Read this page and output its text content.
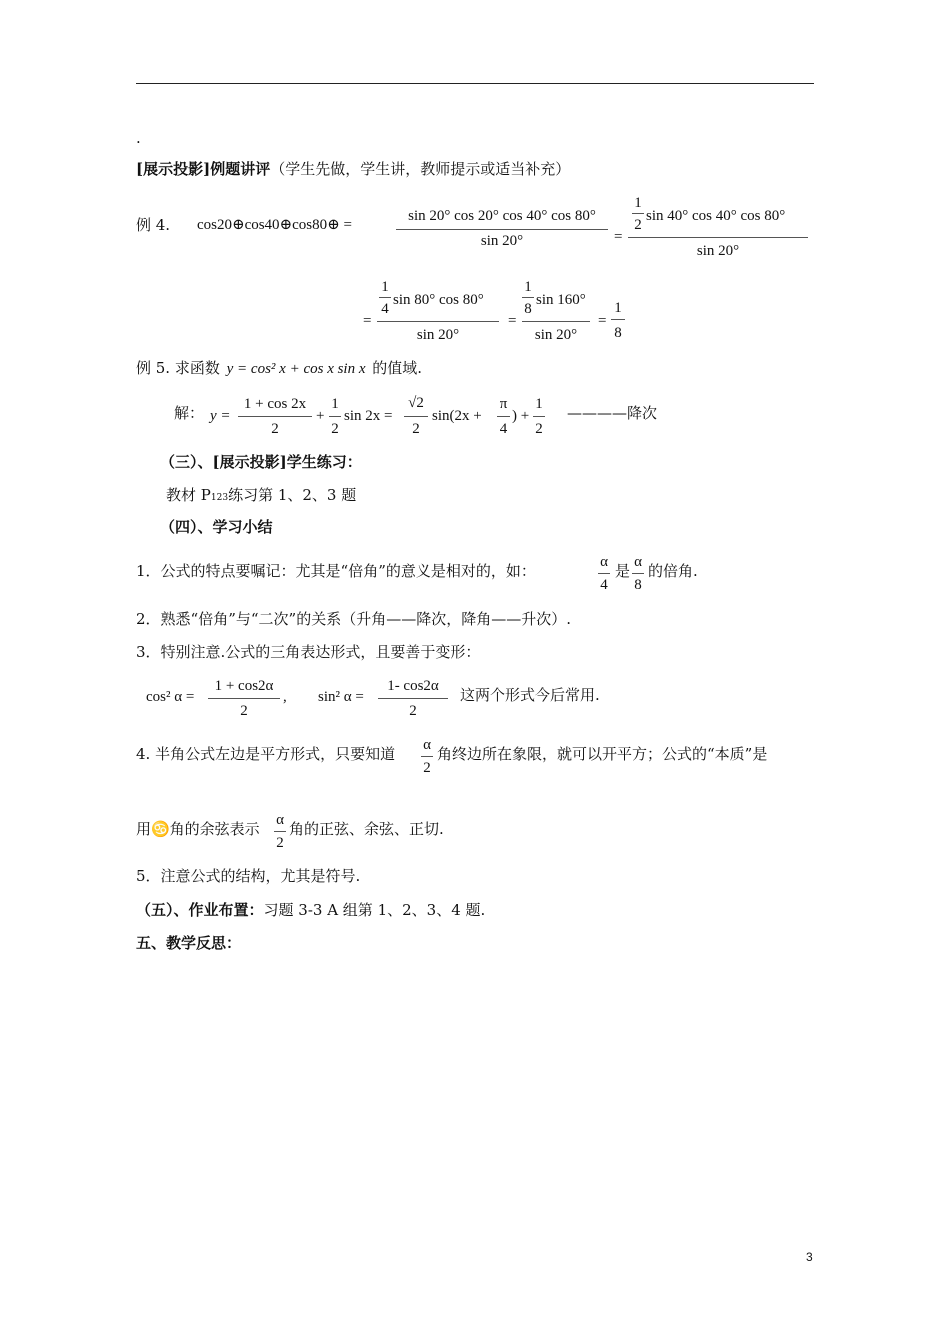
.
[展示投影]例题讲评（学生先做，学生讲，教师提示或适当补充）
例 4. cos20⊕cos40⊕cos80⊕ =
sin 20° cos 20° cos 40° cos 80°
sin 20°	=
1
2
sin 40° cos 40° cos 80°
sin 20°
=
1
4
sin 80° cos 80°
sin 20°
=
1
8
sin 160°
sin 20°
=
1
8
例 5. 求函数 y = cos² x + cos x sin x 的值域.
解： y =
1 + cos 2x
2
+
1
2
sin 2x =
√2
2
sin(2x +
π
4
) +
1
2
————降次
（三）、[展示投影]学生练习：
教材 P123练习第 1、2、3 题
（四）、学习小结
1．公式的特点要嘱记：尤其是“倍角”的意义是相对的，如：	α
4
是 α
8
的倍角.
2．熟悉“倍角”与“二次”的关系（升角——降次，降角——升次）.
3．特别注意.公式的三角表达形式，且要善于变形：
cos² α =
1 + cos2α
2
, sin² α =
1- cos2α
2
这两个形式今后常用.
4. 半角公式左边是平方形式，只要知道 α
2
角终边所在象限，就可以开平方；公式的“本质”是
用♋角的余弦表示 α
2
角的正弦、余弦、正切.
5．注意公式的结构，尤其是符号.
（五）、作业布置：习题 3-3 A 组第 1、2、3、4 题.
五、教学反思：
3
